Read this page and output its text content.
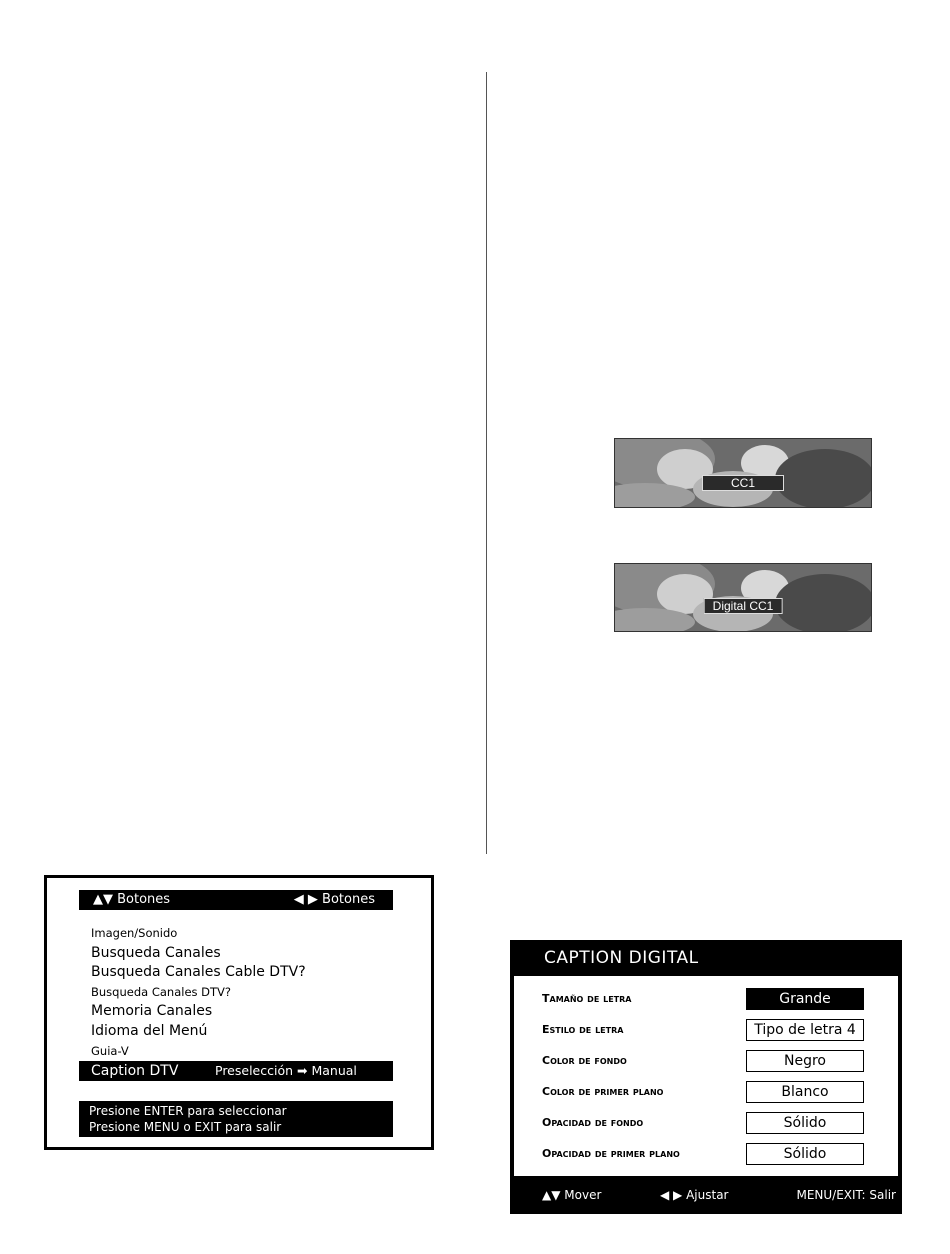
CC1
Digital CC1
▲▼ Botones	◀ ▶ Botones
Imagen/Sonido
Busqueda Canales
Busqueda Canales Cable DTV?
Busqueda Canales DTV?
Memoria Canales
Idioma del Menú
Guia-V
Caption DTV	Preselección ➡ Manual
Presione ENTER para seleccionar
Presione MENU o EXIT para salir
CAPTION DIGITAL
Tamaño de letra	Grande
Estilo de letra	Tipo de letra 4
Color de fondo	Negro
Color de primer plano	Blanco
Opacidad de fondo	Sólido
Opacidad de primer plano	Sólido
▲▼ Mover	◀ ▶ Ajustar	MENU/EXIT: Salir
